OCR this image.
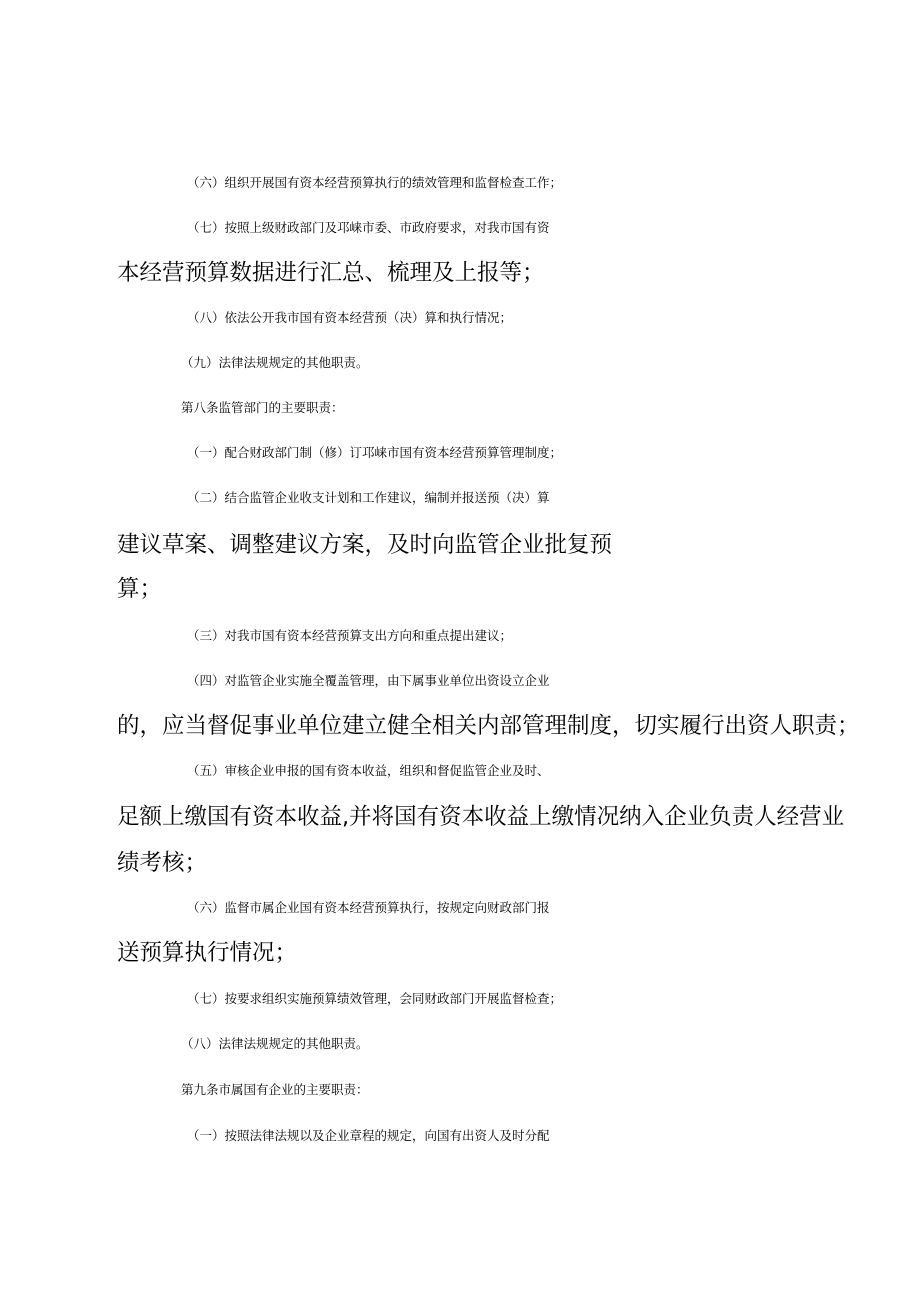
（六）组织开展国有资本经营预算执行的绩效管理和监督检查工作；
（七）按照上级财政部门及邛崃市委、市政府要求，对我市国有资
本经营预算数据进行汇总、梳理及上报等；
（八）依法公开我市国有资本经营预（决）算和执行情况；
（九）法律法规规定的其他职责。
第八条监管部门的主要职责：
（一）配合财政部门制（修）订邛崃市国有资本经营预算管理制度；
（二）结合监管企业收支计划和工作建议，编制并报送预（决）算
建议草案、调整建议方案，及时向监管企业批复预
算；
（三）对我市国有资本经营预算支出方向和重点提出建议；
（四）对监管企业实施全覆盖管理，由下属事业单位出资设立企业
的，应当督促事业单位建立健全相关内部管理制度，切实履行出资人职责；
（五）审核企业申报的国有资本收益，组织和督促监管企业及时、
足额上缴国有资本收益,并将国有资本收益上缴情况纳入企业负责人经营业
绩考核；
（六）监督市属企业国有资本经营预算执行，按规定向财政部门报
送预算执行情况；
（七）按要求组织实施预算绩效管理，会同财政部门开展监督检查；
（八）法律法规规定的其他职责。
第九条市属国有企业的主要职责：
（一）按照法律法规以及企业章程的规定，向国有出资人及时分配
